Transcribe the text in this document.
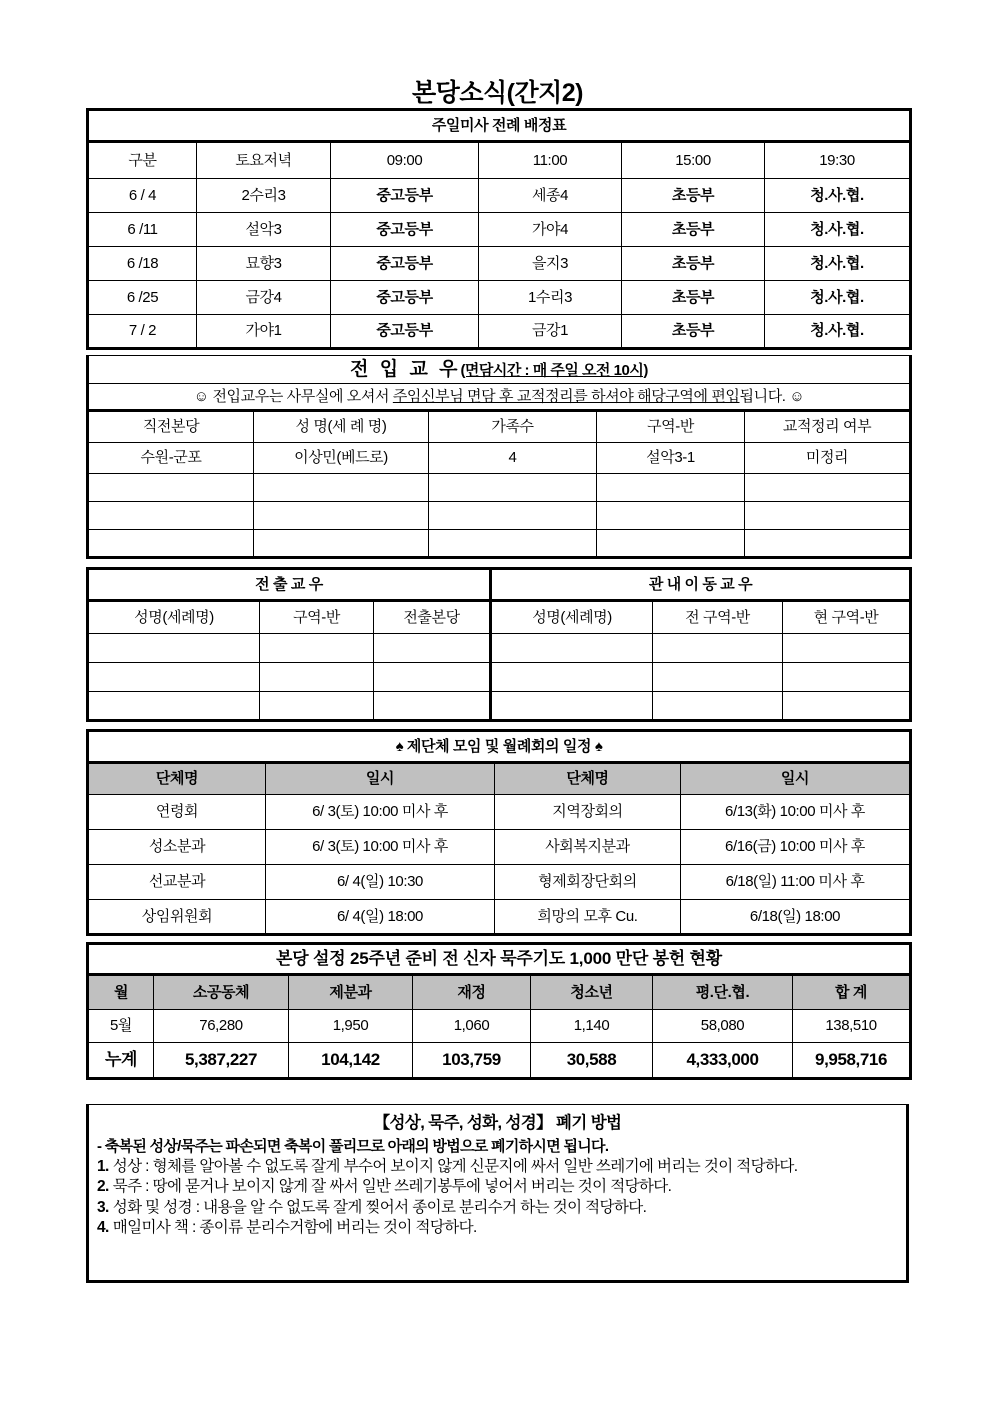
본당소식(간지2)
주일미사 전례 배정표					
구분	토요저녁	09:00	11:00	15:00	19:30
6 / 4	2수리3	중고등부	세종4	초등부	청.사.협.
6 /11	설악3	중고등부	가야4	초등부	청.사.협.
6 /18	묘향3	중고등부	을지3	초등부	청.사.협.
6 /25	금강4	중고등부	1수리3	초등부	청.사.협.
7 / 2	가야1	중고등부	금강1	초등부	청.사.협.
전 입 교 우(면담시간 : 매 주일 오전 10시)				
☺ 전입교우는 사무실에 오셔서 주임신부님 면담 후 교적정리를 하셔야 해당구역에 편입됩니다. ☺				
직전본당	성 명(세 례 명)	가족수	구역-반	교적정리 여부
수원-군포	이상민(베드로)	4	설악3-1	미정리

전 출 교 우			관 내 이 동 교 우		
성명(세례명)	구역-반	전출본당	성명(세례명)	전 구역-반	현 구역-반

♠ 제단체 모임 및 월례회의 일정 ♠			
단체명	일시	단체명	일시
연령회	6/ 3(토) 10:00 미사 후	지역장회의	6/13(화) 10:00 미사 후
성소분과	6/ 3(토) 10:00 미사 후	사회복지분과	6/16(금) 10:00 미사 후
선교분과	6/ 4(일) 10:30	형제회장단회의	6/18(일) 11:00 미사 후
상임위원회	6/ 4(일) 18:00	희망의 모후 Cu.	6/18(일) 18:00
본당 설정 25주년 준비 전 신자 묵주기도 1,000 만단 봉헌 현황						
월	소공동체	제분과	재정	청소년	평.단.협.	합 계
5월	76,280	1,950	1,060	1,140	58,080	138,510
누계	5,387,227	104,142	103,759	30,588	4,333,000	9,958,716
【성상, 묵주, 성화, 성경】 폐기 방법
- 축복된 성상/묵주는 파손되면 축복이 풀리므로 아래의 방법으로 폐기하시면 됩니다.
1. 성상 : 형체를 알아볼 수 없도록 잘게 부수어 보이지 않게 신문지에 싸서 일반 쓰레기에 버리는 것이 적당하다.
2. 묵주 : 땅에 묻거나 보이지 않게 잘 싸서 일반 쓰레기봉투에 넣어서 버리는 것이 적당하다.
3. 성화 및 성경 : 내용을 알 수 없도록 잘게 찢어서 종이로 분리수거 하는 것이 적당하다.
4. 매일미사 책 : 종이류 분리수거함에 버리는 것이 적당하다.
